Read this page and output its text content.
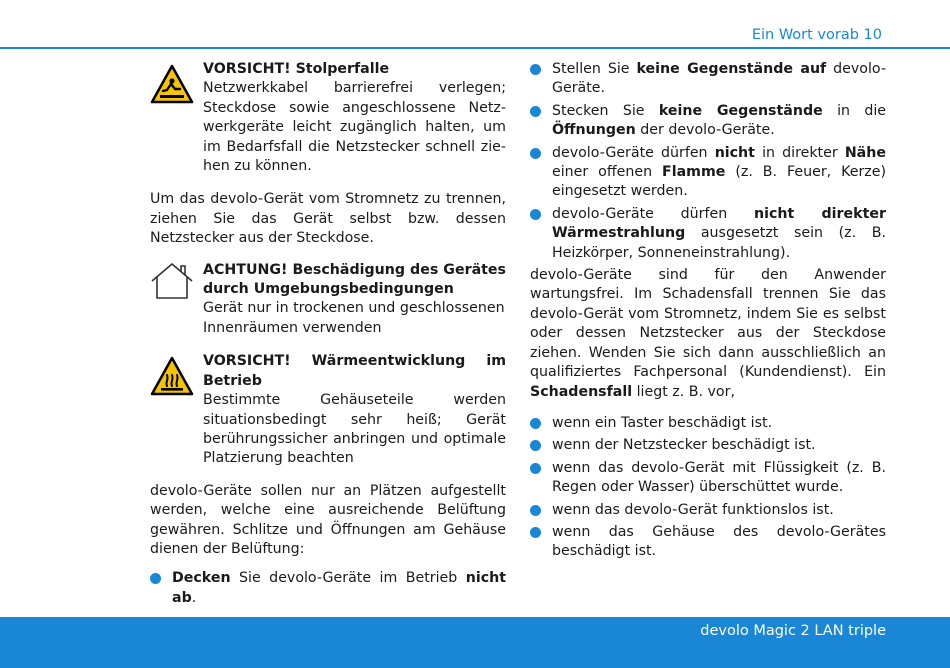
Ein Wort vorab 10
VORSICHT! Stolperfalle

Netzwerkkabel barrierefrei verlegen; Steckdose sowie angeschlossene Netz-werkgeräte leicht zugänglich halten, um im Bedarfsfall die Netzstecker schnell zie-hen zu können.

Um das devolo-Gerät vom Stromnetz zu trennen, ziehen Sie das Gerät selbst bzw. dessen Netzstecker aus der Steckdose.

ACHTUNG! Beschädigung des Gerätes durch Umgebungsbedingungen

Gerät nur in trockenen und geschlossenen Innenräumen verwenden

VORSICHT! Wärmeentwicklung im Betrieb

Bestimmte Gehäuseteile werden situationsbedingt sehr heiß; Gerät berührungssicher anbringen und optimale Platzierung beachten

devolo-Geräte sollen nur an Plätzen aufgestellt werden, welche eine ausreichende Belüftung gewähren. Schlitze und Öffnungen am Gehäuse dienen der Belüftung:

Decken Sie devolo-Geräte im Betrieb nicht ab.
Stellen Sie keine Gegenstände auf devolo-Geräte.
Stecken Sie keine Gegenstände in die Öffnungen der devolo-Geräte.
devolo-Geräte dürfen nicht in direkter Nähe einer offenen Flamme (z. B. Feuer, Kerze) eingesetzt werden.
devolo-Geräte dürfen nicht direkter Wärmestrahlung ausgesetzt sein (z. B. Heizkörper, Sonneneinstrahlung).

devolo-Geräte sind für den Anwender wartungsfrei. Im Schadensfall trennen Sie das devolo-Gerät vom Stromnetz, indem Sie es selbst oder dessen Netzstecker aus der Steckdose ziehen. Wenden Sie sich dann ausschließlich an qualifiziertes Fachpersonal (Kundendienst). Ein Schadensfall liegt z. B. vor,

wenn ein Taster beschädigt ist.
wenn der Netzstecker beschädigt ist.
wenn das devolo-Gerät mit Flüssigkeit (z. B. Regen oder Wasser) überschüttet wurde.
wenn das devolo-Gerät funktionslos ist.
wenn das Gehäuse des devolo-Gerätes beschädigt ist.
devolo Magic 2 LAN triple
